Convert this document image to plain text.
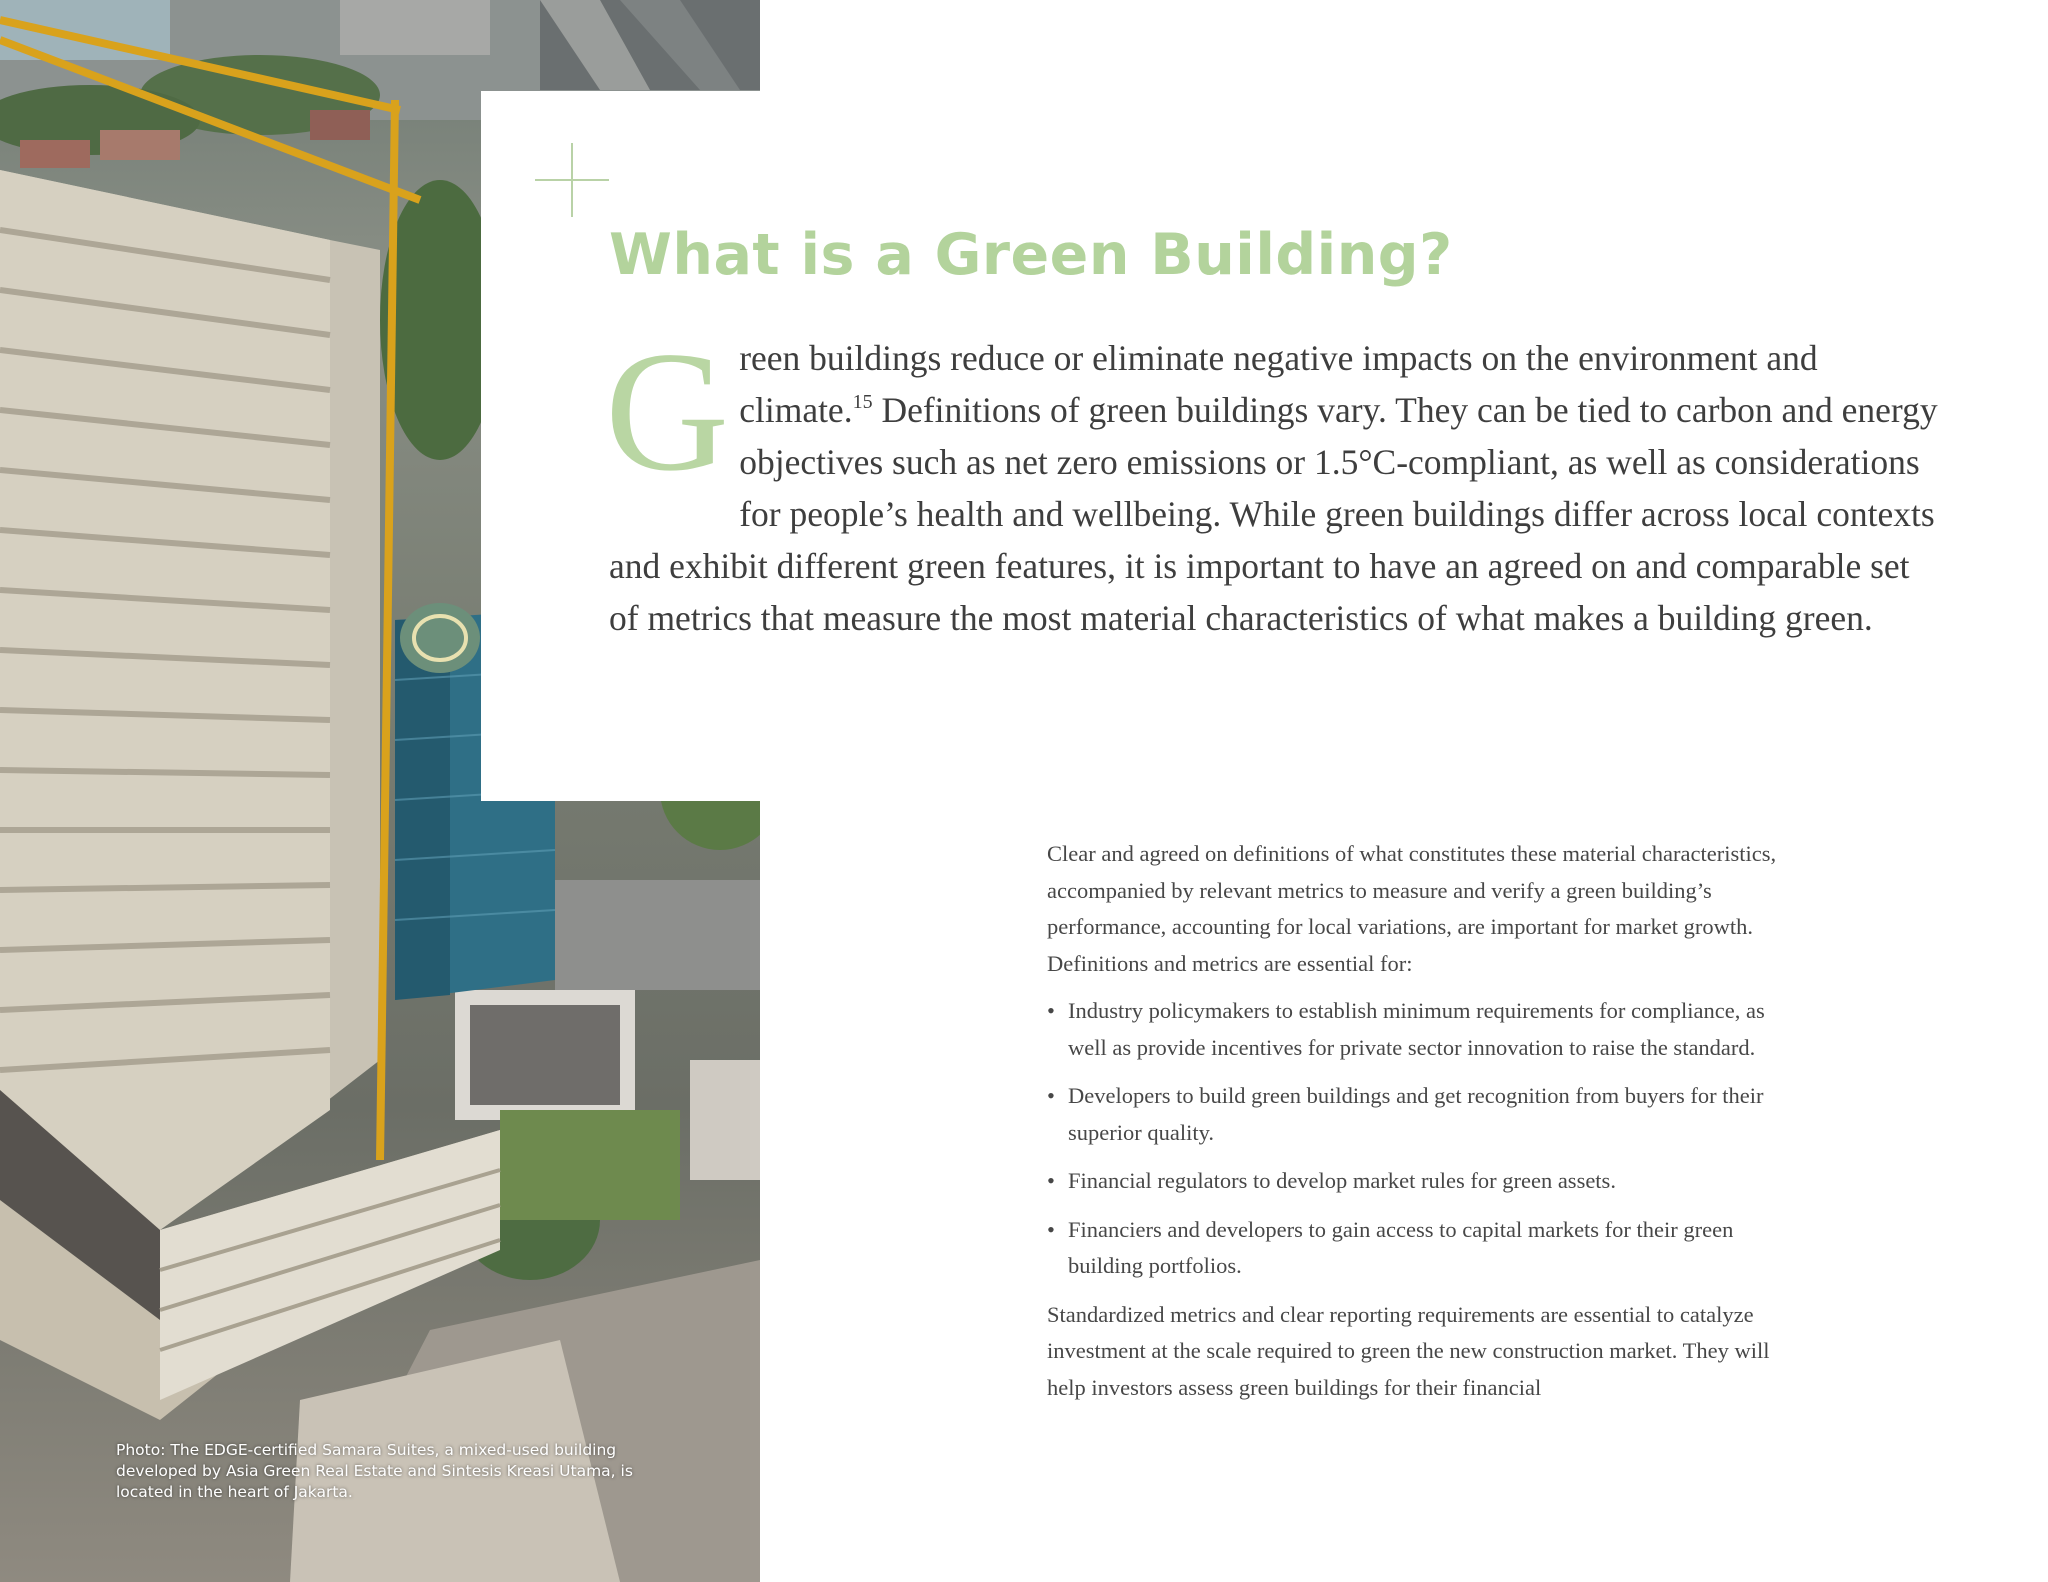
Photo: The EDGE-certified Samara Suites, a mixed-used building developed by Asia Green Real Estate and Sintesis Kreasi Utama, is located in the heart of Jakarta.
What is a Green Building?

Green buildings reduce or eliminate negative impacts on the environment and climate.$^{15}$ Definitions of green buildings vary. They can be tied to carbon and energy objectives such as net zero emissions or 1.5°C-compliant, as well as considerations for people’s health and wellbeing. While green buildings differ across local contexts and exhibit different green features, it is important to have an agreed on and comparable set of metrics that measure the most material characteristics of what makes a building green.

Clear and agreed on definitions of what constitutes these material characteristics, accompanied by relevant metrics to measure and verify a green building’s performance, accounting for local variations, are important for market growth. Definitions and metrics are essential for:

• Industry policymakers to establish minimum requirements for compliance, as well as provide incentives for private sector innovation to raise the standard.
• Developers to build green buildings and get recognition from buyers for their superior quality.
• Financial regulators to develop market rules for green assets.
• Financiers and developers to gain access to capital markets for their green building portfolios.

Standardized metrics and clear reporting requirements are essential to catalyze investment at the scale required to green the new construction market. They will help investors assess green buildings for their financial
